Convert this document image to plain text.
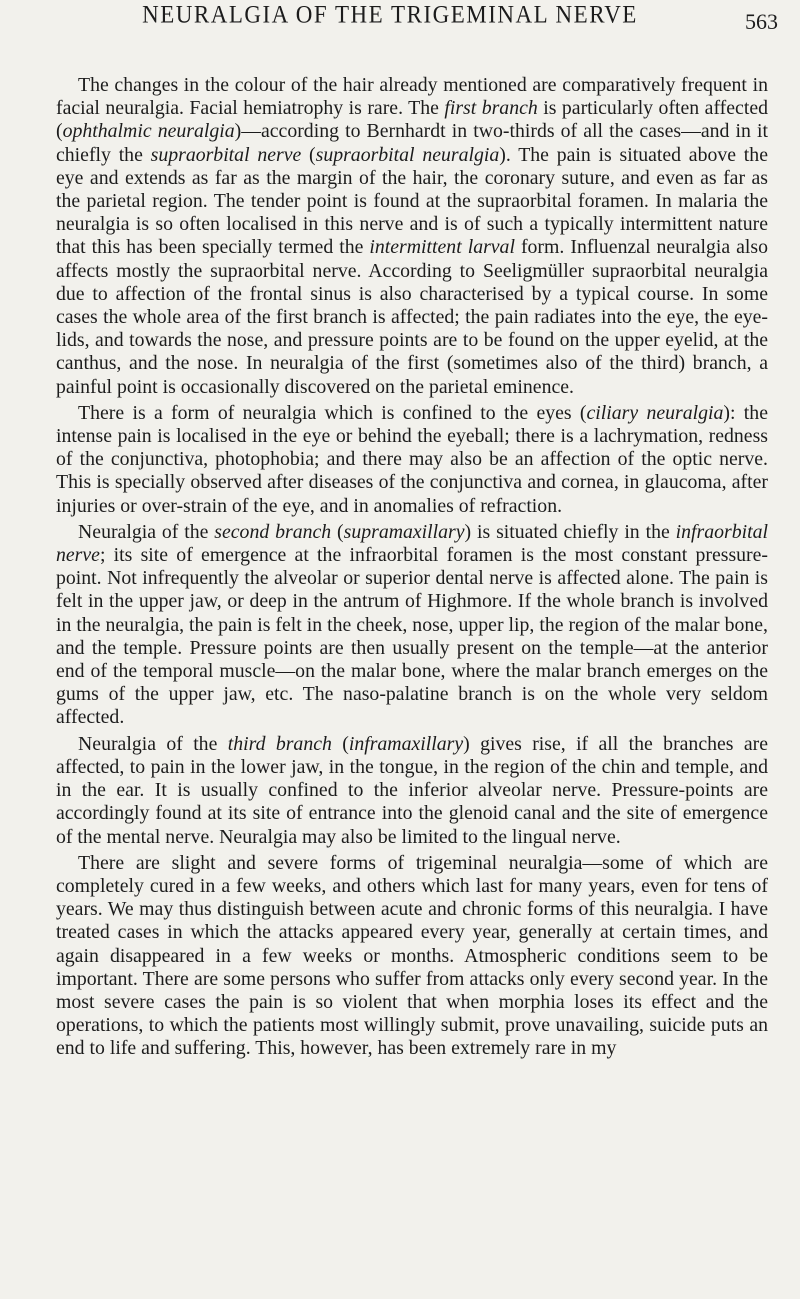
NEURALGIA OF THE TRIGEMINAL NERVE	563

The changes in the colour of the hair already mentioned are comparatively frequent in facial neuralgia. Facial hemiatrophy is rare. The first branch is particularly often affected (ophthalmic neuralgia)—according to Bernhardt in two-thirds of all the cases—and in it chiefly the supraorbital nerve (supraorbital neuralgia). The pain is situated above the eye and extends as far as the margin of the hair, the coronary suture, and even as far as the parietal region. The tender point is found at the supraorbital foramen. In malaria the neuralgia is so often localised in this nerve and is of such a typically intermittent nature that this has been specially termed the intermittent larval form. Influenzal neuralgia also affects mostly the supraorbital nerve. According to Seeligmüller supraorbital neuralgia due to affection of the frontal sinus is also characterised by a typical course. In some cases the whole area of the first branch is affected; the pain radiates into the eye, the eye-lids, and towards the nose, and pressure points are to be found on the upper eyelid, at the canthus, and the nose. In neuralgia of the first (sometimes also of the third) branch, a painful point is occasionally discovered on the parietal eminence.

There is a form of neuralgia which is confined to the eyes (ciliary neuralgia): the intense pain is localised in the eye or behind the eyeball; there is a lachrymation, redness of the conjunctiva, photophobia; and there may also be an affection of the optic nerve. This is specially observed after diseases of the conjunctiva and cornea, in glaucoma, after injuries or over-strain of the eye, and in anomalies of refraction.

Neuralgia of the second branch (supramaxillary) is situated chiefly in the infraorbital nerve; its site of emergence at the infraorbital foramen is the most constant pressure-point. Not infrequently the alveolar or superior dental nerve is affected alone. The pain is felt in the upper jaw, or deep in the antrum of Highmore. If the whole branch is involved in the neuralgia, the pain is felt in the cheek, nose, upper lip, the region of the malar bone, and the temple. Pressure points are then usually present on the temple—at the anterior end of the temporal muscle—on the malar bone, where the malar branch emerges on the gums of the upper jaw, etc. The naso-palatine branch is on the whole very seldom affected.

Neuralgia of the third branch (inframaxillary) gives rise, if all the branches are affected, to pain in the lower jaw, in the tongue, in the region of the chin and temple, and in the ear. It is usually confined to the inferior alveolar nerve. Pressure-points are accordingly found at its site of entrance into the glenoid canal and the site of emergence of the mental nerve. Neuralgia may also be limited to the lingual nerve.

There are slight and severe forms of trigeminal neuralgia—some of which are completely cured in a few weeks, and others which last for many years, even for tens of years. We may thus distinguish between acute and chronic forms of this neuralgia. I have treated cases in which the attacks appeared every year, generally at certain times, and again disappeared in a few weeks or months. Atmospheric conditions seem to be important. There are some persons who suffer from attacks only every second year. In the most severe cases the pain is so violent that when morphia loses its effect and the operations, to which the patients most willingly submit, prove unavailing, suicide puts an end to life and suffering. This, however, has been extremely rare in my
